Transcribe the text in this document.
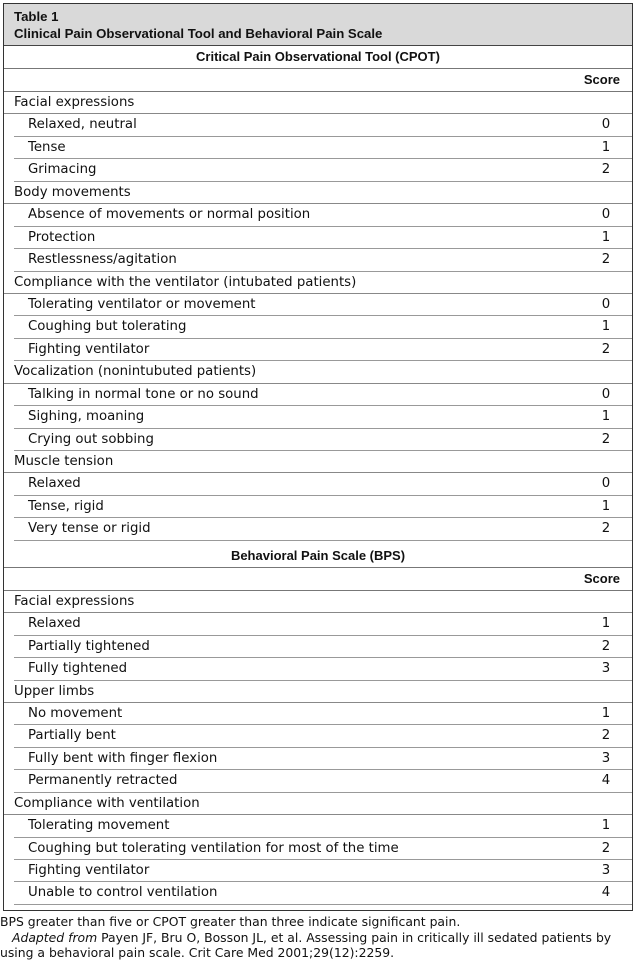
Table 1
Clinical Pain Observational Tool and Behavioral Pain Scale
Critical Pain Observational Tool (CPOT)
Score
Facial expressions
Relaxed, neutral	0
Tense	1
Grimacing	2
Body movements
Absence of movements or normal position	0
Protection	1
Restlessness/agitation	2
Compliance with the ventilator (intubated patients)
Tolerating ventilator or movement	0
Coughing but tolerating	1
Fighting ventilator	2
Vocalization (nonintubuted patients)
Talking in normal tone or no sound	0
Sighing, moaning	1
Crying out sobbing	2
Muscle tension
Relaxed	0
Tense, rigid	1
Very tense or rigid	2
Behavioral Pain Scale (BPS)
Score
Facial expressions
Relaxed	1
Partially tightened	2
Fully tightened	3
Upper limbs
No movement	1
Partially bent	2
Fully bent with finger flexion	3
Permanently retracted	4
Compliance with ventilation
Tolerating movement	1
Coughing but tolerating ventilation for most of the time	2
Fighting ventilator	3
Unable to control ventilation	4

BPS greater than five or CPOT greater than three indicate significant pain.

Adapted from Payen JF, Bru O, Bosson JL, et al. Assessing pain in critically ill sedated patients by using a behavioral pain scale. Crit Care Med 2001;29(12):2259.
